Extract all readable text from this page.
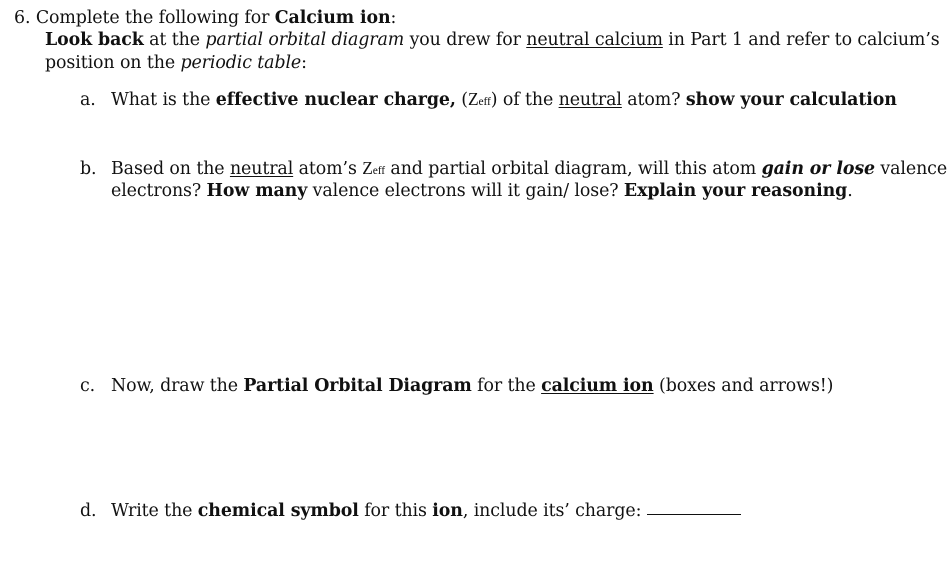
6. Complete the following for Calcium ion:
Look back at the partial orbital diagram you drew for neutral calcium in Part 1 and refer to calcium’s
position on the periodic table:
a. What is the effective nuclear charge, (Zeff) of the neutral atom? show your calculation
b. Based on the neutral atom’s Zeff and partial orbital diagram, will this atom gain or lose valence
electrons? How many valence electrons will it gain/ lose? Explain your reasoning.
c. Now, draw the Partial Orbital Diagram for the calcium ion (boxes and arrows!)
d. Write the chemical symbol for this ion, include its’ charge:
